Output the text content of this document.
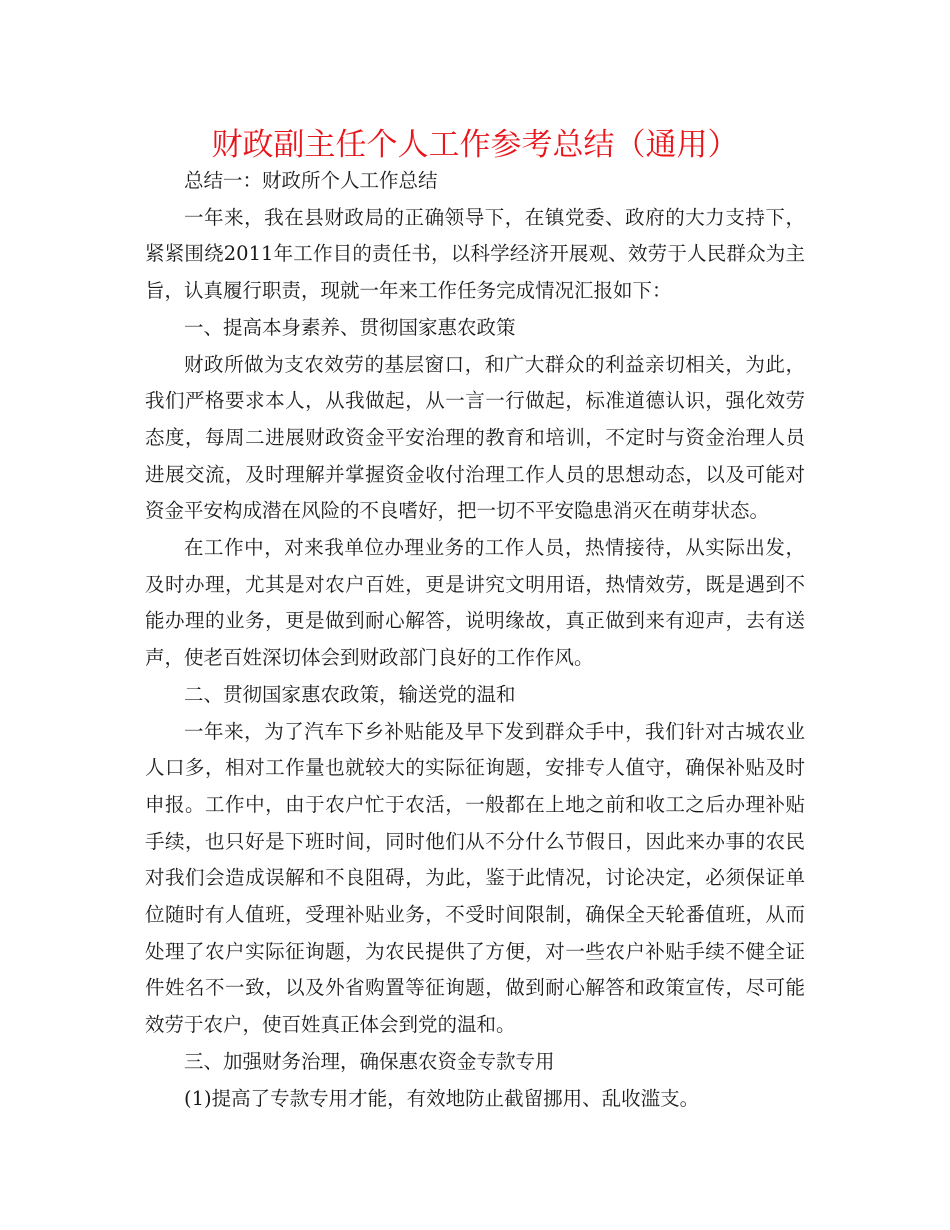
财政副主任个人工作参考总结（通用）

总结一：财政所个人工作总结

一年来，我在县财政局的正确领导下，在镇党委、政府的大力支持下，紧紧围绕2011年工作目的责任书，以科学经济开展观、效劳于人民群众为主旨，认真履行职责，现就一年来工作任务完成情况汇报如下：

一、提高本身素养、贯彻国家惠农政策

财政所做为支农效劳的基层窗口，和广大群众的利益亲切相关，为此，我们严格要求本人，从我做起，从一言一行做起，标准道德认识，强化效劳态度，每周二进展财政资金平安治理的教育和培训，不定时与资金治理人员进展交流，及时理解并掌握资金收付治理工作人员的思想动态，以及可能对资金平安构成潜在风险的不良嗜好，把一切不平安隐患消灭在萌芽状态。

在工作中，对来我单位办理业务的工作人员，热情接待，从实际出发，及时办理，尤其是对农户百姓，更是讲究文明用语，热情效劳，既是遇到不能办理的业务，更是做到耐心解答，说明缘故，真正做到来有迎声，去有送声，使老百姓深切体会到财政部门良好的工作作风。

二、贯彻国家惠农政策，输送党的温和

一年来，为了汽车下乡补贴能及早下发到群众手中，我们针对古城农业人口多，相对工作量也就较大的实际征询题，安排专人值守，确保补贴及时申报。工作中，由于农户忙于农活，一般都在上地之前和收工之后办理补贴手续，也只好是下班时间，同时他们从不分什么节假日，因此来办事的农民对我们会造成误解和不良阻碍，为此，鉴于此情况，讨论决定，必须保证单位随时有人值班，受理补贴业务，不受时间限制，确保全天轮番值班，从而处理了农户实际征询题，为农民提供了方便，对一些农户补贴手续不健全证件姓名不一致，以及外省购置等征询题，做到耐心解答和政策宣传，尽可能效劳于农户，使百姓真正体会到党的温和。

三、加强财务治理，确保惠农资金专款专用

(1)提高了专款专用才能，有效地防止截留挪用、乱收滥支。
